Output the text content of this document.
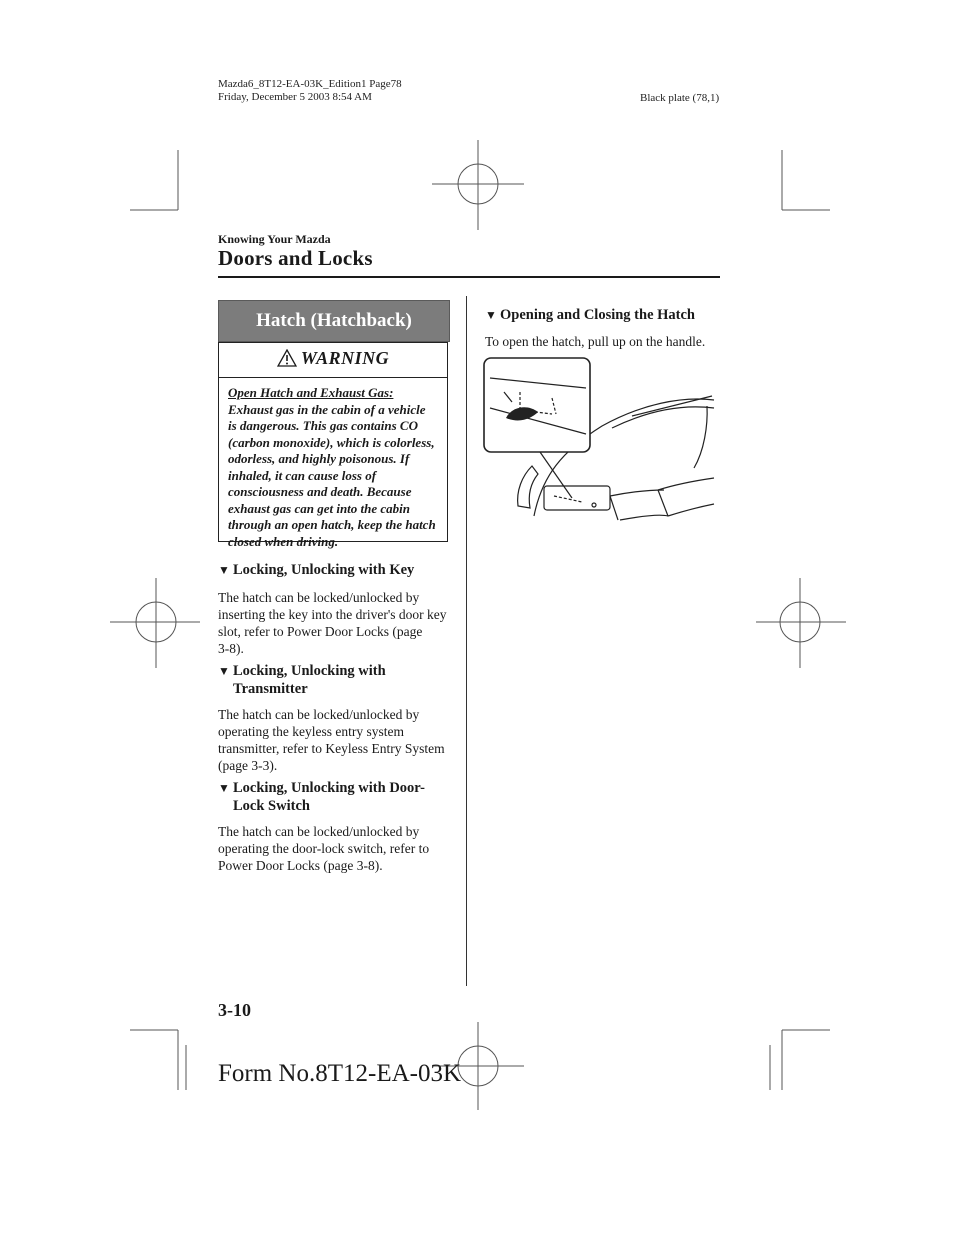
Mazda6_8T12-EA-03K_Edition1 Page78
Friday, December 5 2003 8:54 AM	Black plate (78,1)
Knowing Your Mazda
Doors and Locks
Hatch (Hatchback)
WARNING
Open Hatch and Exhaust Gas:
Exhaust gas in the cabin of a vehicle
is dangerous. This gas contains CO
(carbon monoxide), which is colorless,
odorless, and highly poisonous. If
inhaled, it can cause loss of
consciousness and death. Because
exhaust gas can get into the cabin
through an open hatch, keep the hatch
closed when driving.
▼ Locking, Unlocking with Key
The hatch can be locked/unlocked by
inserting the key into the driver's door key
slot, refer to Power Door Locks (page
3-8).
▼ Locking, Unlocking with
Transmitter
The hatch can be locked/unlocked by
operating the keyless entry system
transmitter, refer to Keyless Entry System
(page 3-3).
▼ Locking, Unlocking with Door-
Lock Switch
The hatch can be locked/unlocked by
operating the door-lock switch, refer to
Power Door Locks (page 3-8).
▼ Opening and Closing the Hatch
To open the hatch, pull up on the handle.
3-10
Form No.8T12-EA-03K
